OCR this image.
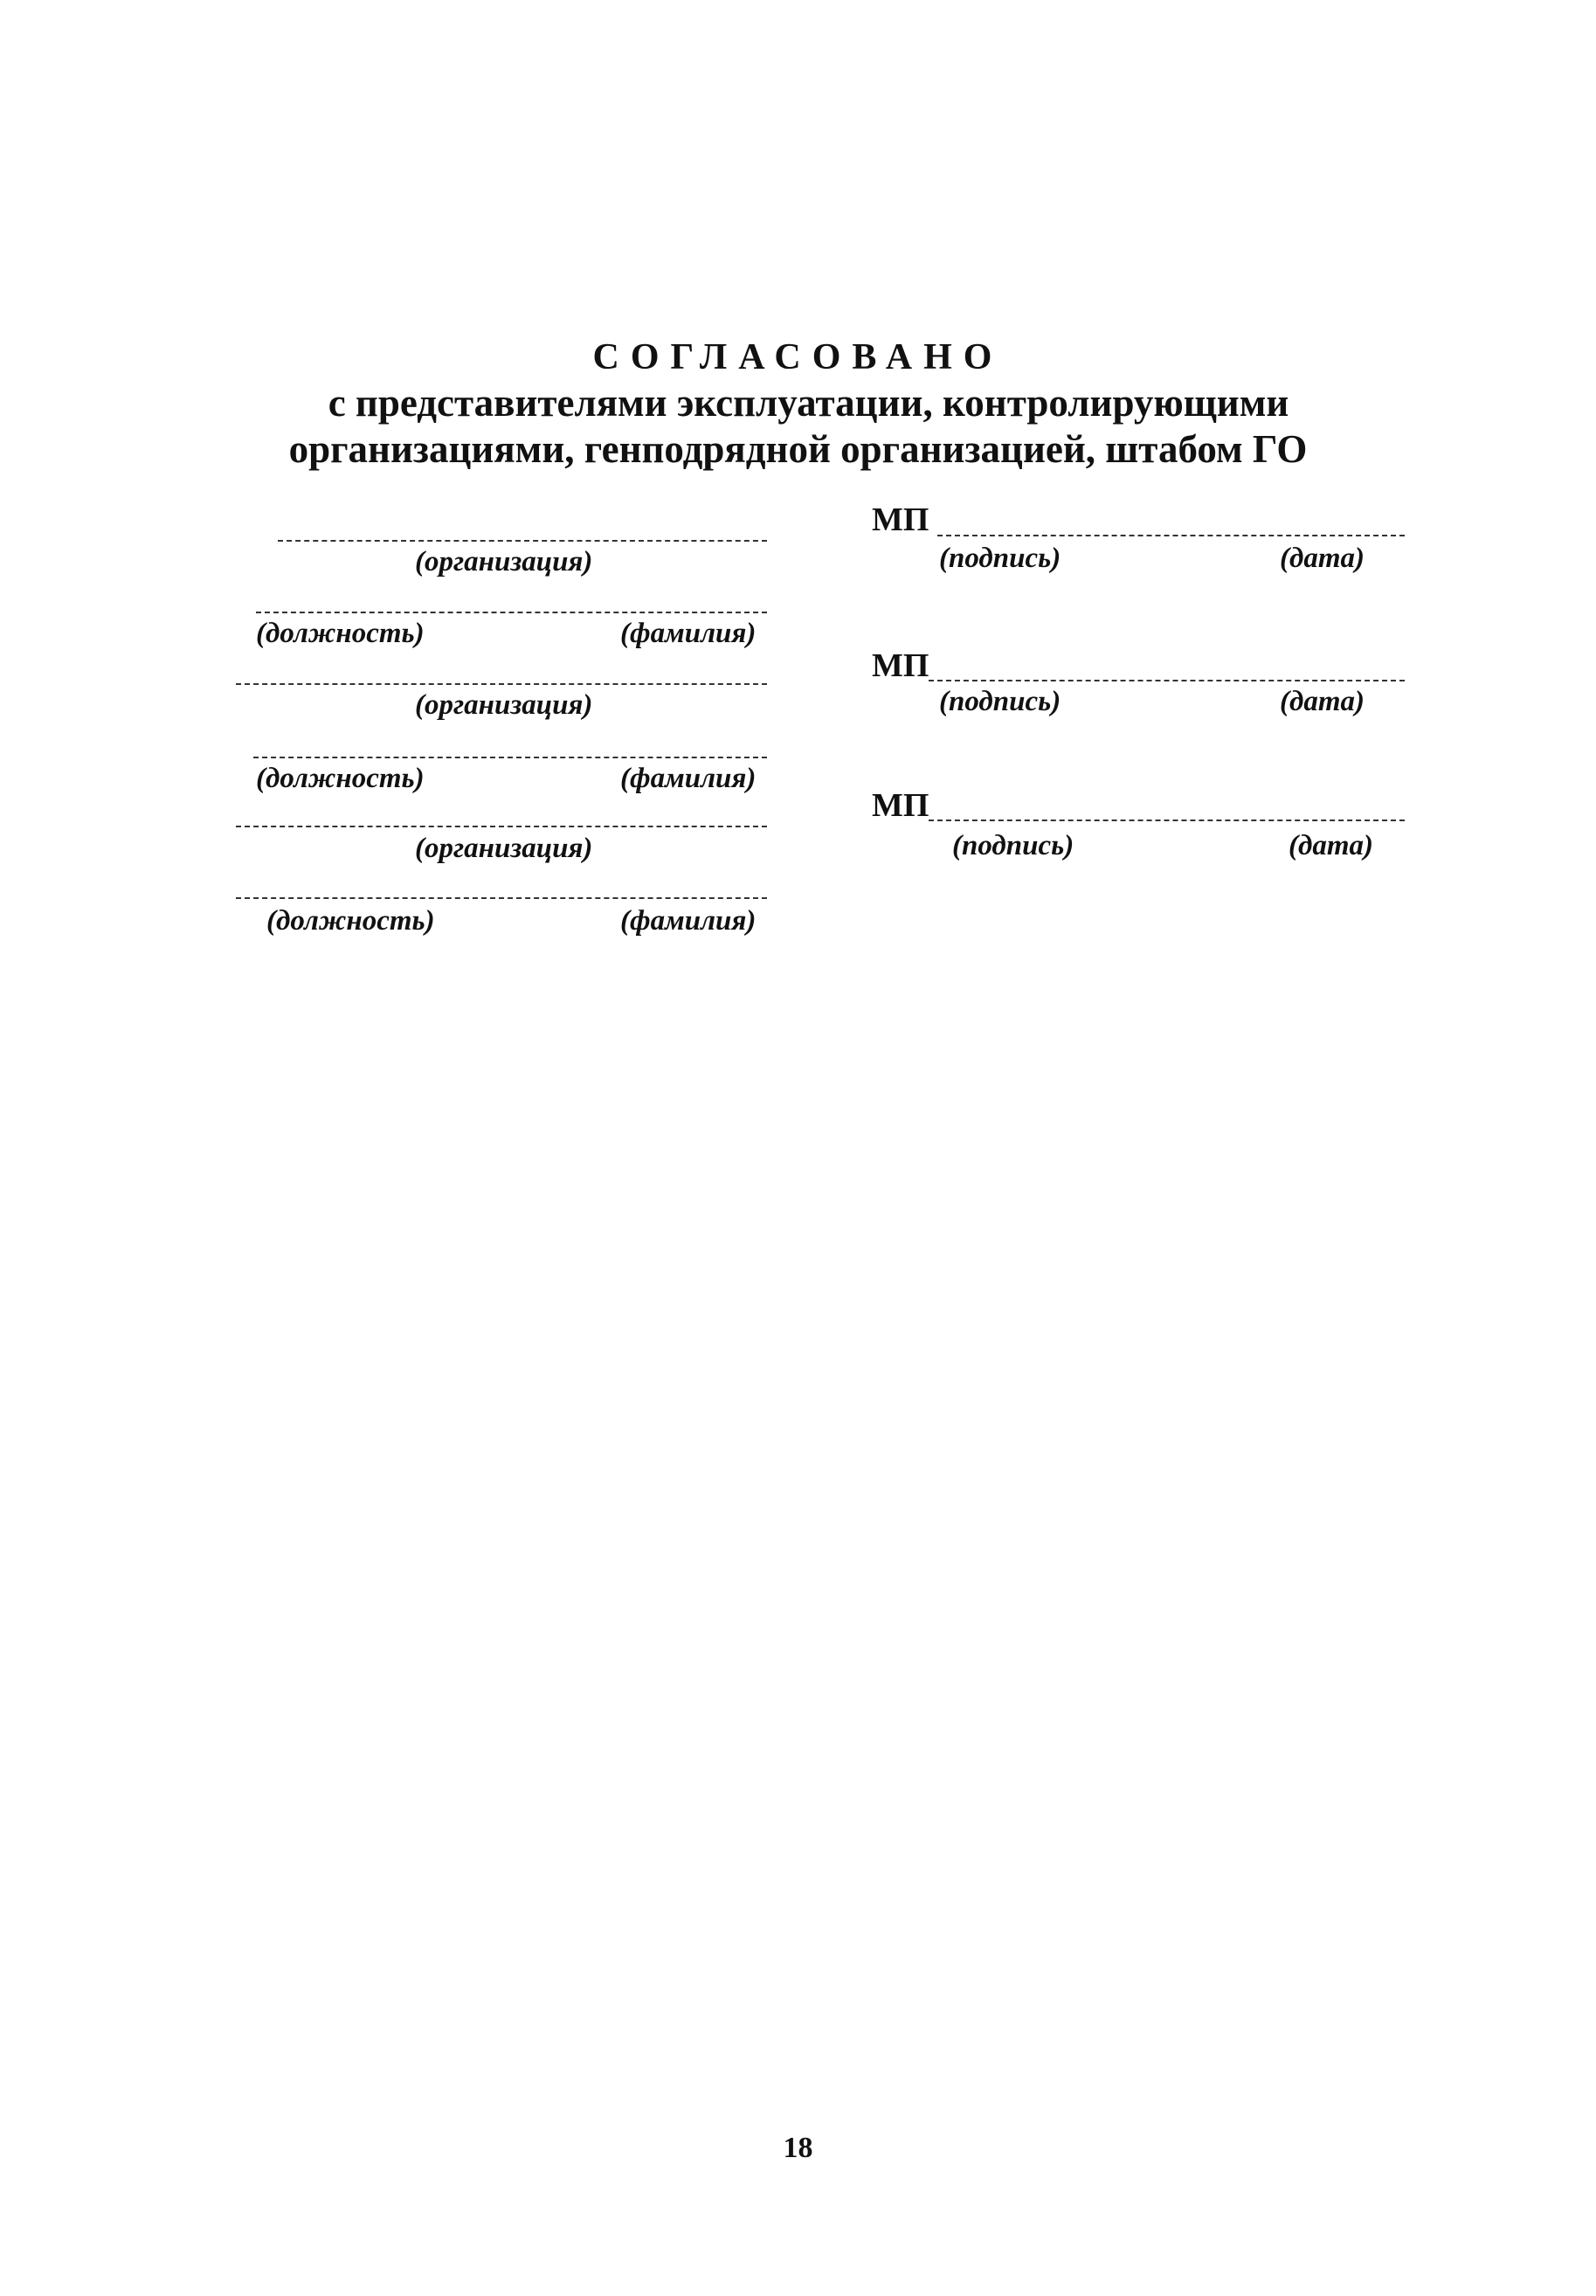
СОГЛАСОВАНО
с представителями эксплуатации, контролирующими
организациями, генподрядной организацией, штабом ГО
(организация)
(должность)	(фамилия)
(организация)
(должность)	(фамилия)
(организация)
(должность)	(фамилия)
МП
(подпись)	(дата)
МП
(подпись)	(дата)
МП
(подпись)	(дата)
18
